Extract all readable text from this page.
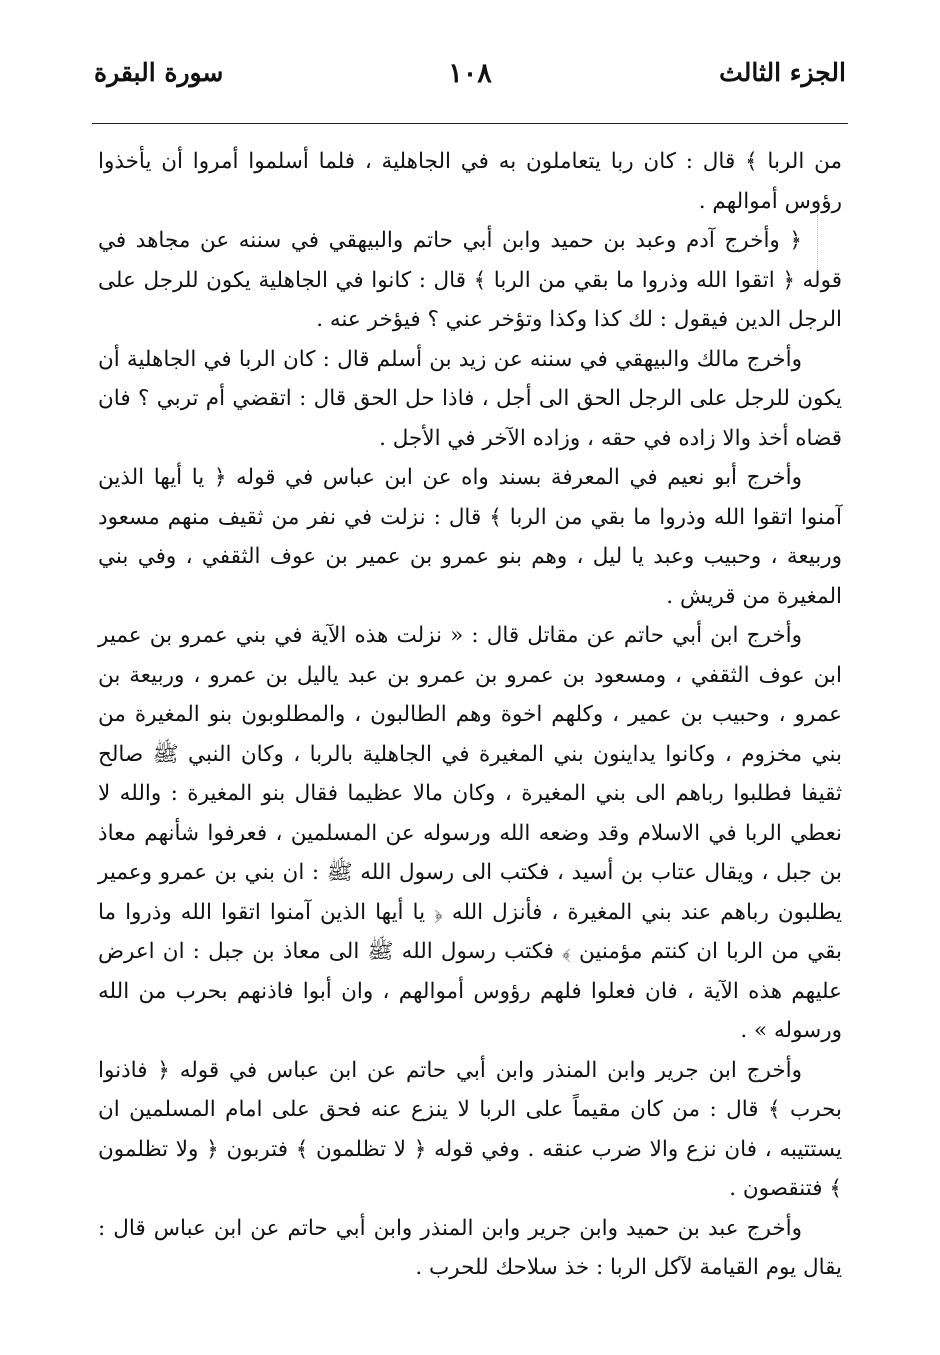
الجزء الثالث
١٠٨
سورة البقرة

من الربا ﴾ قال : كان ربا يتعاملون به في الجاهلية ، فلما أسلموا أمروا أن يأخذوا رؤوس أموالهم .

﴿ وأخرج آدم وعبد بن حميد وابن أبي حاتم والبيهقي في سننه عن مجاهد في قوله ﴿ اتقوا الله وذروا ما بقي من الربا ﴾ قال : كانوا في الجاهلية يكون للرجل على الرجل الدين فيقول : لك كذا وكذا وتؤخر عني ؟ فيؤخر عنه .

وأخرج مالك والبيهقي في سننه عن زيد بن أسلم قال : كان الربا في الجاهلية أن يكون للرجل على الرجل الحق الى أجل ، فاذا حل الحق قال : اتقضي أم تربي ؟ فان قضاه أخذ والا زاده في حقه ، وزاده الآخر في الأجل .

وأخرج أبو نعيم في المعرفة بسند واه عن ابن عباس في قوله ﴿ يا أيها الذين آمنوا اتقوا الله وذروا ما بقي من الربا ﴾ قال : نزلت في نفر من ثقيف منهم مسعود وربيعة ، وحبيب وعبد يا ليل ، وهم بنو عمرو بن عمير بن عوف الثقفي ، وفي بني المغيرة من قريش .

وأخرج ابن أبي حاتم عن مقاتل قال : « نزلت هذه الآية في بني عمرو بن عمير ابن عوف الثقفي ، ومسعود بن عمرو بن عمرو بن عبد ياليل بن عمرو ، وربيعة بن عمرو ، وحبيب بن عمير ، وكلهم اخوة وهم الطالبون ، والمطلوبون بنو المغيرة من بني مخزوم ، وكانوا يداينون بني المغيرة في الجاهلية بالربا ، وكان النبي ﷺ صالح ثقيفا فطلبوا رباهم الى بني المغيرة ، وكان مالا عظيما فقال بنو المغيرة : والله لا نعطي الربا في الاسلام وقد وضعه الله ورسوله عن المسلمين ، فعرفوا شأنهم معاذ بن جبل ، ويقال عتاب بن أسيد ، فكتب الى رسول الله ﷺ : ان بني بن عمرو وعمير يطلبون رباهم عند بني المغيرة ، فأنزل الله ﴿ يا أيها الذين آمنوا اتقوا الله وذروا ما بقي من الربا ان كنتم مؤمنين ﴾ فكتب رسول الله ﷺ الى معاذ بن جبل : ان اعرض عليهم هذه الآية ، فان فعلوا فلهم رؤوس أموالهم ، وان أبوا فاذنهم بحرب من الله ورسوله » .

وأخرج ابن جرير وابن المنذر وابن أبي حاتم عن ابن عباس في قوله ﴿ فاذنوا بحرب ﴾ قال : من كان مقيماً على الربا لا ينزع عنه فحق على امام المسلمين ان يستتيبه ، فان نزع والا ضرب عنقه . وفي قوله ﴿ لا تظلمون ﴾ فتربون ﴿ ولا تظلمون ﴾ فتنقصون .

وأخرج عبد بن حميد وابن جرير وابن المنذر وابن أبي حاتم عن ابن عباس قال : يقال يوم القيامة لآكل الربا : خذ سلاحك للحرب .
